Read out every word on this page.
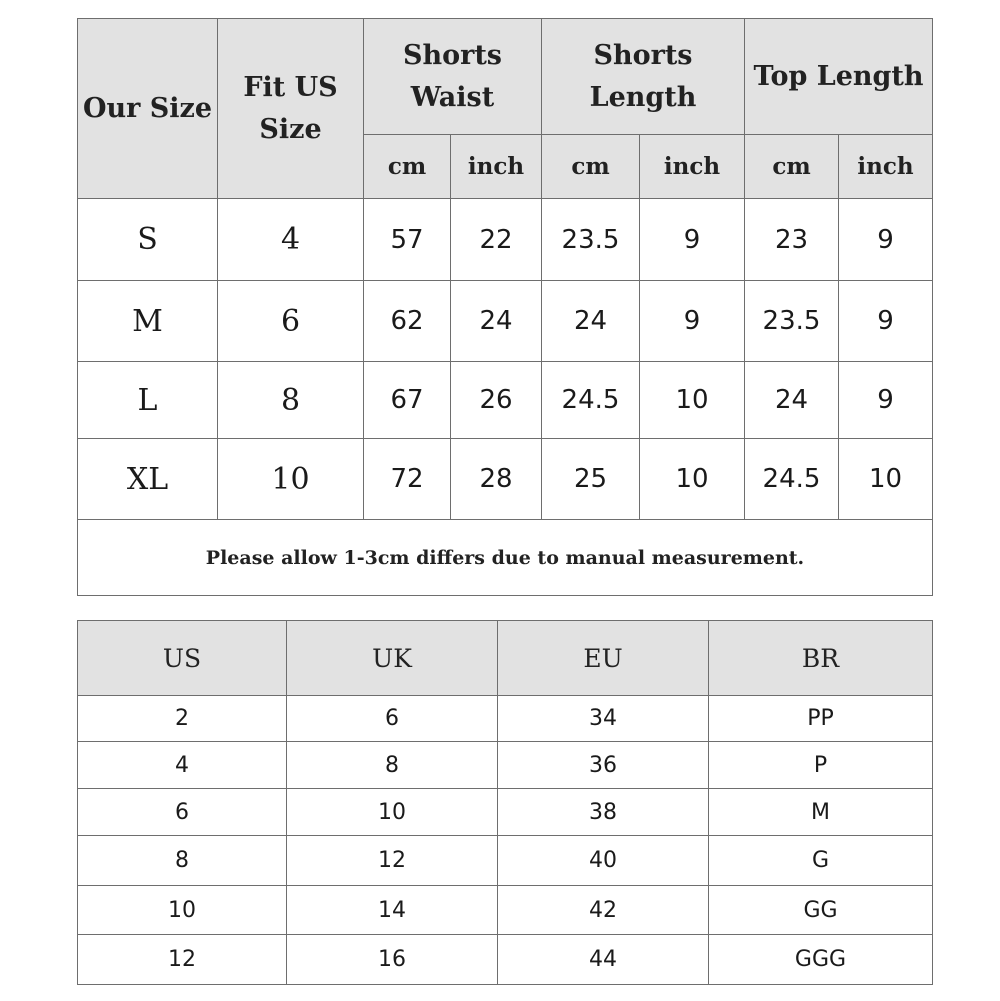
Our Size	Fit US Size	Shorts Waist		Shorts Length		Top Length	
		cm	inch	cm	inch	cm	inch
S	4	57	22	23.5	9	23	9
M	6	62	24	24	9	23.5	9
L	8	67	26	24.5	10	24	9
XL	10	72	28	25	10	24.5	10
Please allow 1-3cm differs due to manual measurement.							
US	UK	EU	BR
2	6	34	PP
4	8	36	P
6	10	38	M
8	12	40	G
10	14	42	GG
12	16	44	GGG
